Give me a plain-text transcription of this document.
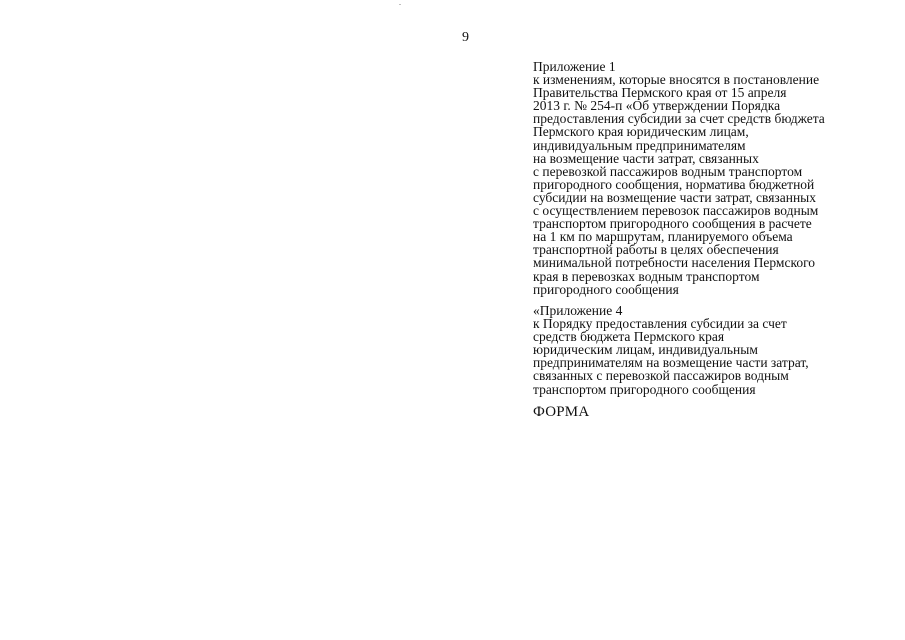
9
Приложение 1
к изменениям, которые вносятся в постановление
Правительства Пермского края от 15 апреля
2013 г. № 254-п «Об утверждении Порядка
предоставления субсидии за счет средств бюджета
Пермского края юридическим лицам,
индивидуальным предпринимателям
на возмещение части затрат, связанных
с перевозкой пассажиров водным транспортом
пригородного сообщения, норматива бюджетной
субсидии на возмещение части затрат, связанных
с осуществлением перевозок пассажиров водным
транспортом пригородного сообщения в расчете
на 1 км по маршрутам, планируемого объема
транспортной работы в целях обеспечения
минимальной потребности населения Пермского
края в перевозках водным транспортом
пригородного сообщения
«Приложение 4
к Порядку предоставления субсидии за счет
средств бюджета Пермского края
юридическим лицам, индивидуальным
предпринимателям на возмещение части затрат,
связанных с перевозкой пассажиров водным
транспортом пригородного сообщения
ФОРМА
